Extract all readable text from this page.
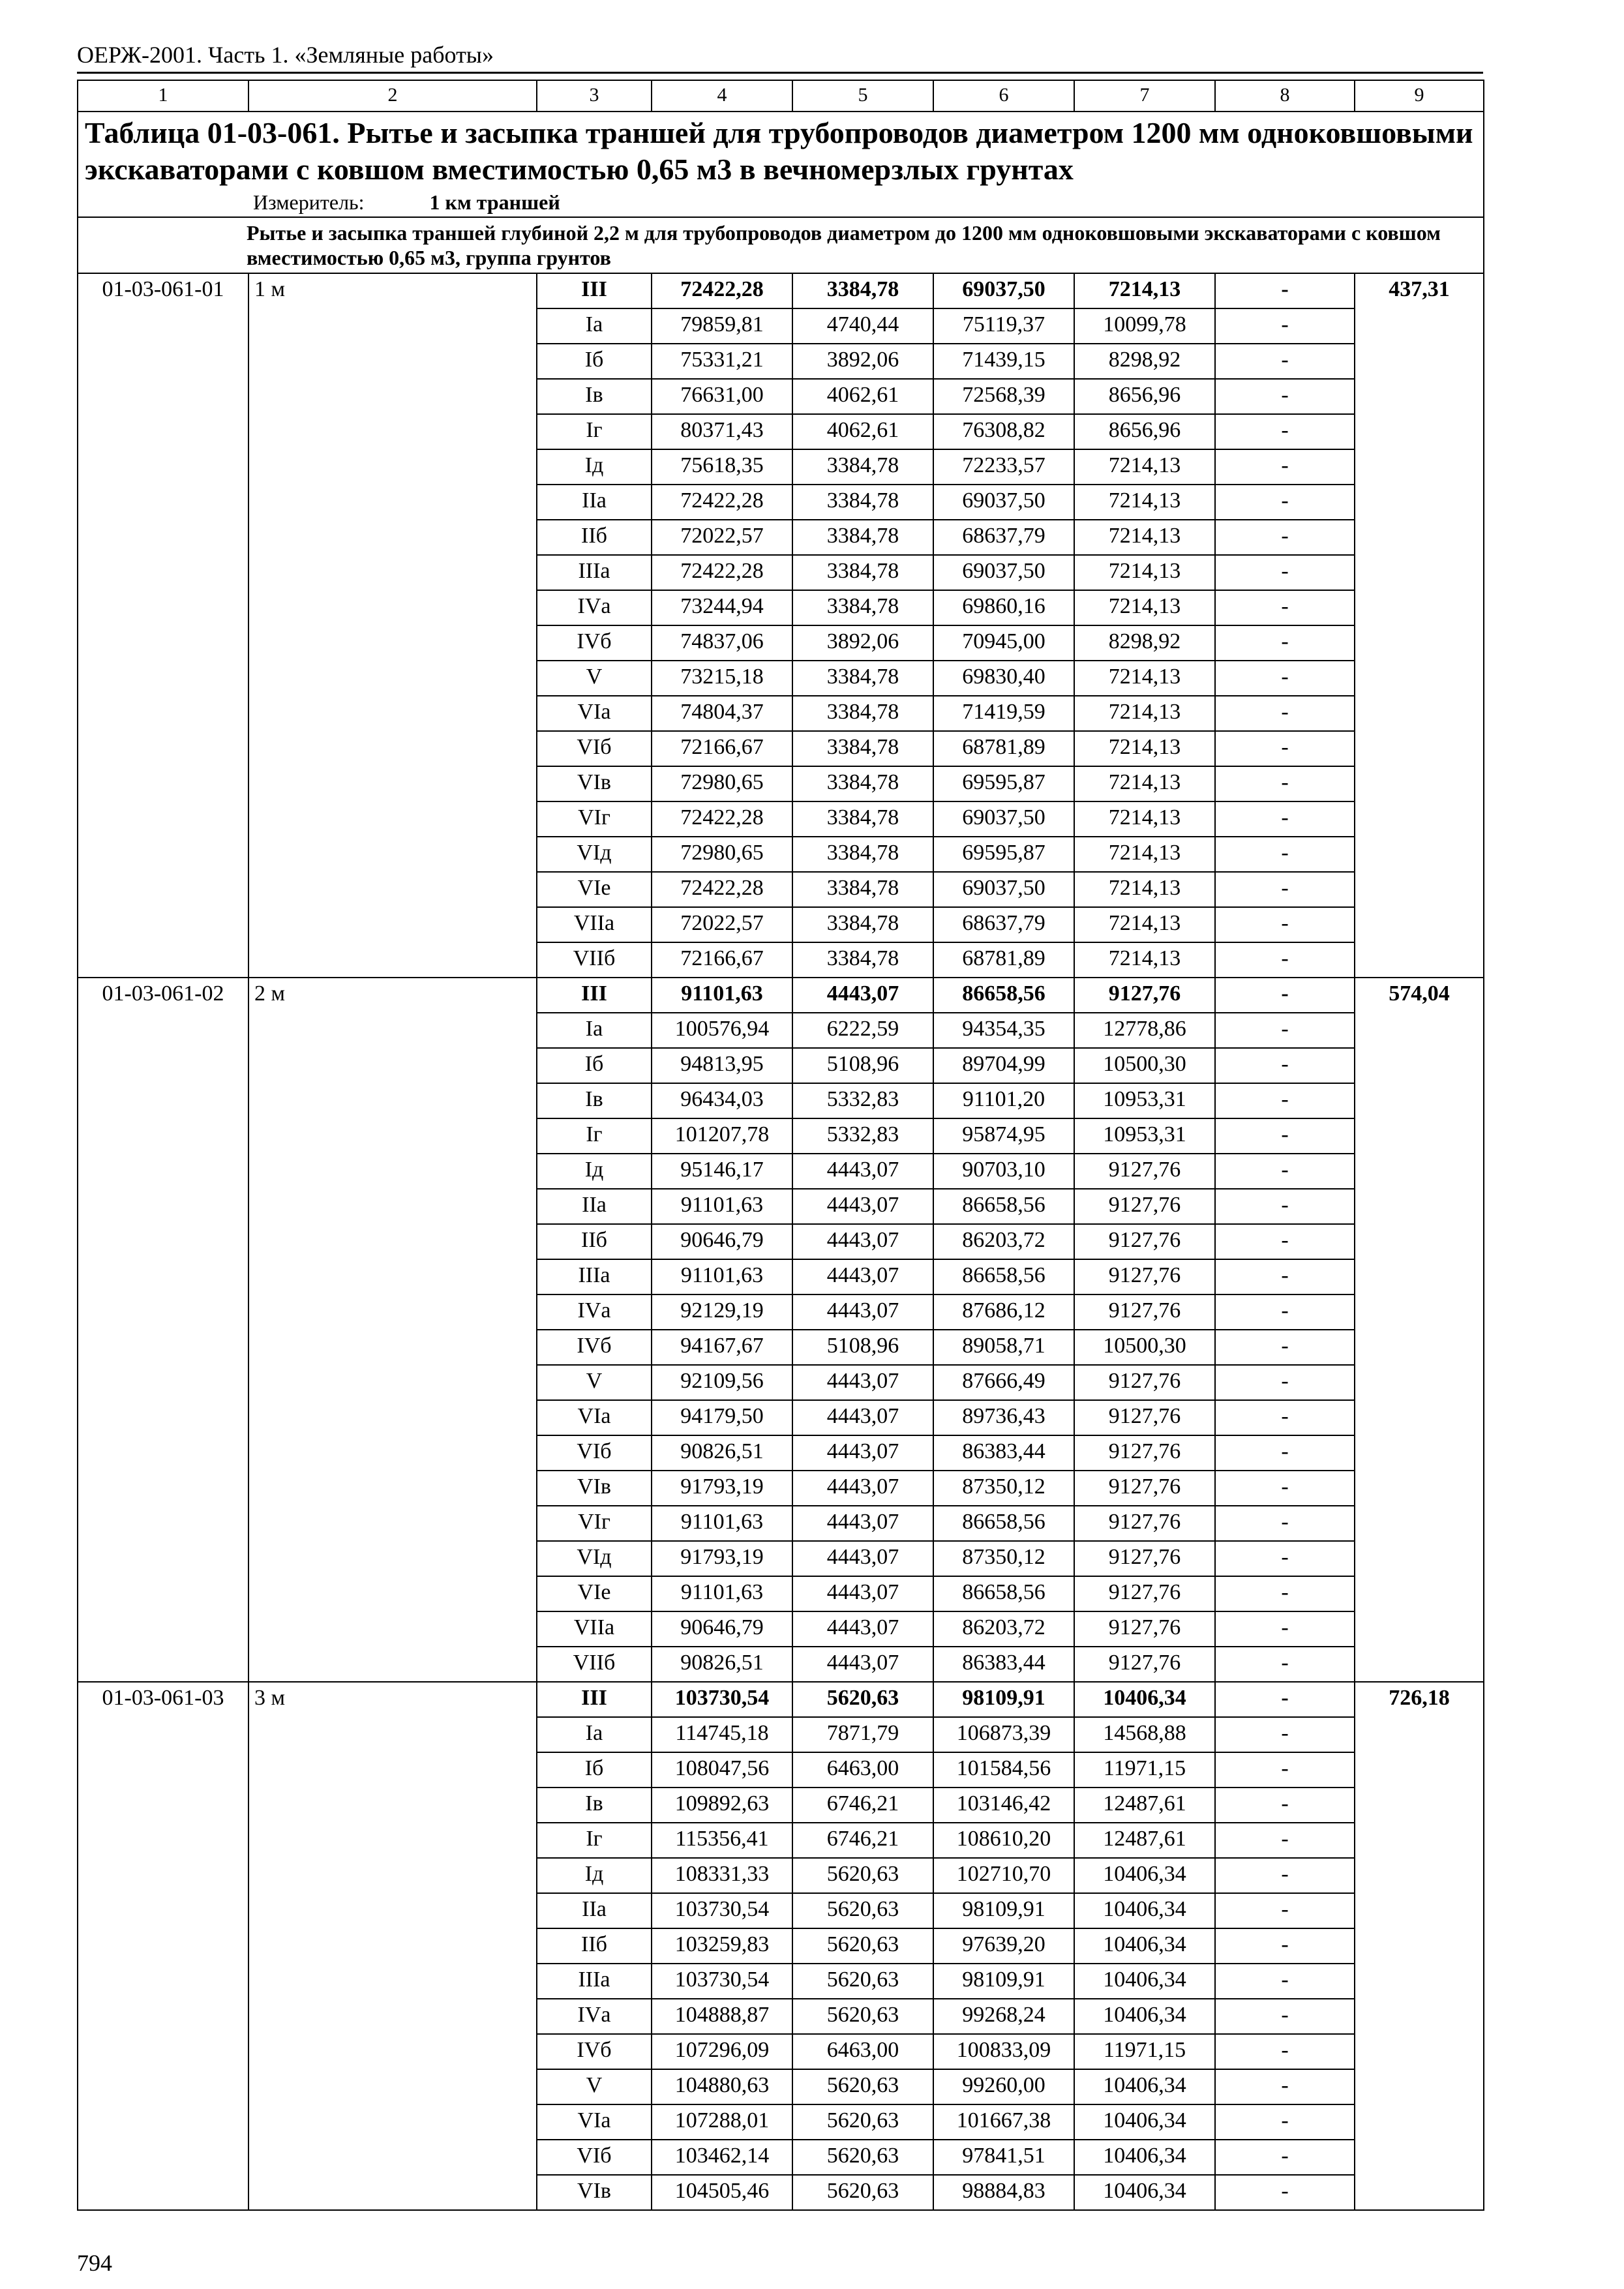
ОЕРЖ-2001. Часть 1. «Земляные работы»
1	2	3	4	5	6	7	8	9

Таблица 01-03-061. Рытье и засыпка траншей для трубопроводов диаметром 1200 мм одноковшовыми экскаваторами с ковшом вместимостью 0,65 м3 в вечномерзлых грунтах
Измеритель: 1 км траншей								

Рытье и засыпка траншей глубиной 2,2 м для трубопроводов диаметром до 1200 мм одноковшовыми экскаваторами с ковшом вместимостью 0,65 м3, группа грунтов								
01-03-061-01	1 м	III	72422,28	3384,78	69037,50	7214,13	-	437,31
		Iа	79859,81	4740,44	75119,37	10099,78	-	
		Iб	75331,21	3892,06	71439,15	8298,92	-	
		Iв	76631,00	4062,61	72568,39	8656,96	-	
		Iг	80371,43	4062,61	76308,82	8656,96	-	
		Iд	75618,35	3384,78	72233,57	7214,13	-	
		IIа	72422,28	3384,78	69037,50	7214,13	-	
		IIб	72022,57	3384,78	68637,79	7214,13	-	
		IIIа	72422,28	3384,78	69037,50	7214,13	-	
		IVа	73244,94	3384,78	69860,16	7214,13	-	
		IVб	74837,06	3892,06	70945,00	8298,92	-	
		V	73215,18	3384,78	69830,40	7214,13	-	
		VIа	74804,37	3384,78	71419,59	7214,13	-	
		VIб	72166,67	3384,78	68781,89	7214,13	-	
		VIв	72980,65	3384,78	69595,87	7214,13	-	
		VIг	72422,28	3384,78	69037,50	7214,13	-	
		VIд	72980,65	3384,78	69595,87	7214,13	-	
		VIе	72422,28	3384,78	69037,50	7214,13	-	
		VIIа	72022,57	3384,78	68637,79	7214,13	-	
		VIIб	72166,67	3384,78	68781,89	7214,13	-	
01-03-061-02	2 м	III	91101,63	4443,07	86658,56	9127,76	-	574,04
		Iа	100576,94	6222,59	94354,35	12778,86	-	
		Iб	94813,95	5108,96	89704,99	10500,30	-	
		Iв	96434,03	5332,83	91101,20	10953,31	-	
		Iг	101207,78	5332,83	95874,95	10953,31	-	
		Iд	95146,17	4443,07	90703,10	9127,76	-	
		IIа	91101,63	4443,07	86658,56	9127,76	-	
		IIб	90646,79	4443,07	86203,72	9127,76	-	
		IIIа	91101,63	4443,07	86658,56	9127,76	-	
		IVа	92129,19	4443,07	87686,12	9127,76	-	
		IVб	94167,67	5108,96	89058,71	10500,30	-	
		V	92109,56	4443,07	87666,49	9127,76	-	
		VIа	94179,50	4443,07	89736,43	9127,76	-	
		VIб	90826,51	4443,07	86383,44	9127,76	-	
		VIв	91793,19	4443,07	87350,12	9127,76	-	
		VIг	91101,63	4443,07	86658,56	9127,76	-	
		VIд	91793,19	4443,07	87350,12	9127,76	-	
		VIе	91101,63	4443,07	86658,56	9127,76	-	
		VIIа	90646,79	4443,07	86203,72	9127,76	-	
		VIIб	90826,51	4443,07	86383,44	9127,76	-	
01-03-061-03	3 м	III	103730,54	5620,63	98109,91	10406,34	-	726,18
		Iа	114745,18	7871,79	106873,39	14568,88	-	
		Iб	108047,56	6463,00	101584,56	11971,15	-	
		Iв	109892,63	6746,21	103146,42	12487,61	-	
		Iг	115356,41	6746,21	108610,20	12487,61	-	
		Iд	108331,33	5620,63	102710,70	10406,34	-	
		IIа	103730,54	5620,63	98109,91	10406,34	-	
		IIб	103259,83	5620,63	97639,20	10406,34	-	
		IIIа	103730,54	5620,63	98109,91	10406,34	-	
		IVа	104888,87	5620,63	99268,24	10406,34	-	
		IVб	107296,09	6463,00	100833,09	11971,15	-	
		V	104880,63	5620,63	99260,00	10406,34	-	
		VIа	107288,01	5620,63	101667,38	10406,34	-	
		VIб	103462,14	5620,63	97841,51	10406,34	-	
		VIв	104505,46	5620,63	98884,83	10406,34	-	
794
